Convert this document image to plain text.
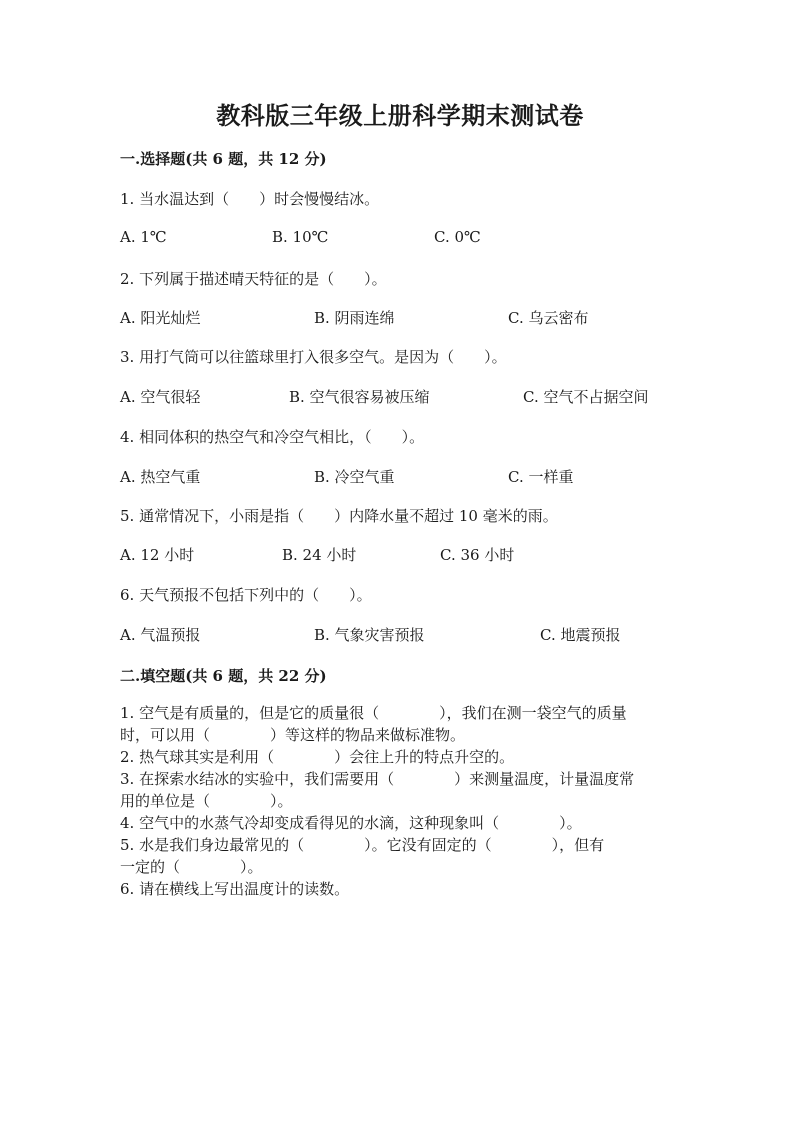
教科版三年级上册科学期末测试卷
一.选择题(共 6 题，共 12 分)
1. 当水温达到（　　）时会慢慢结冰。
A. 1℃	B. 10℃	C. 0℃
2. 下列属于描述晴天特征的是（　　）。
A. 阳光灿烂	B. 阴雨连绵	C. 乌云密布
3. 用打气筒可以往篮球里打入很多空气。是因为（　　）。
A. 空气很轻	B. 空气很容易被压缩	C. 空气不占据空间
4. 相同体积的热空气和冷空气相比，（　　）。
A. 热空气重	B. 冷空气重	C. 一样重
5. 通常情况下，小雨是指（　　）内降水量不超过 10 毫米的雨。
A. 12 小时	B. 24 小时	C. 36 小时
6. 天气预报不包括下列中的（　　）。
A. 气温预报	B. 气象灾害预报	C. 地震预报
二.填空题(共 6 题，共 22 分)
1. 空气是有质量的，但是它的质量很（　　　　），我们在测一袋空气的质量
时，可以用（　　　　）等这样的物品来做标准物。
2. 热气球其实是利用（　　　　）会往上升的特点升空的。
3. 在探索水结冰的实验中，我们需要用（　　　　）来测量温度，计量温度常
用的单位是（　　　　）。
4. 空气中的水蒸气冷却变成看得见的水滴，这种现象叫（　　　　）。
5. 水是我们身边最常见的（　　　　）。它没有固定的（　　　　），但有
一定的（　　　　）。
6. 请在横线上写出温度计的读数。
